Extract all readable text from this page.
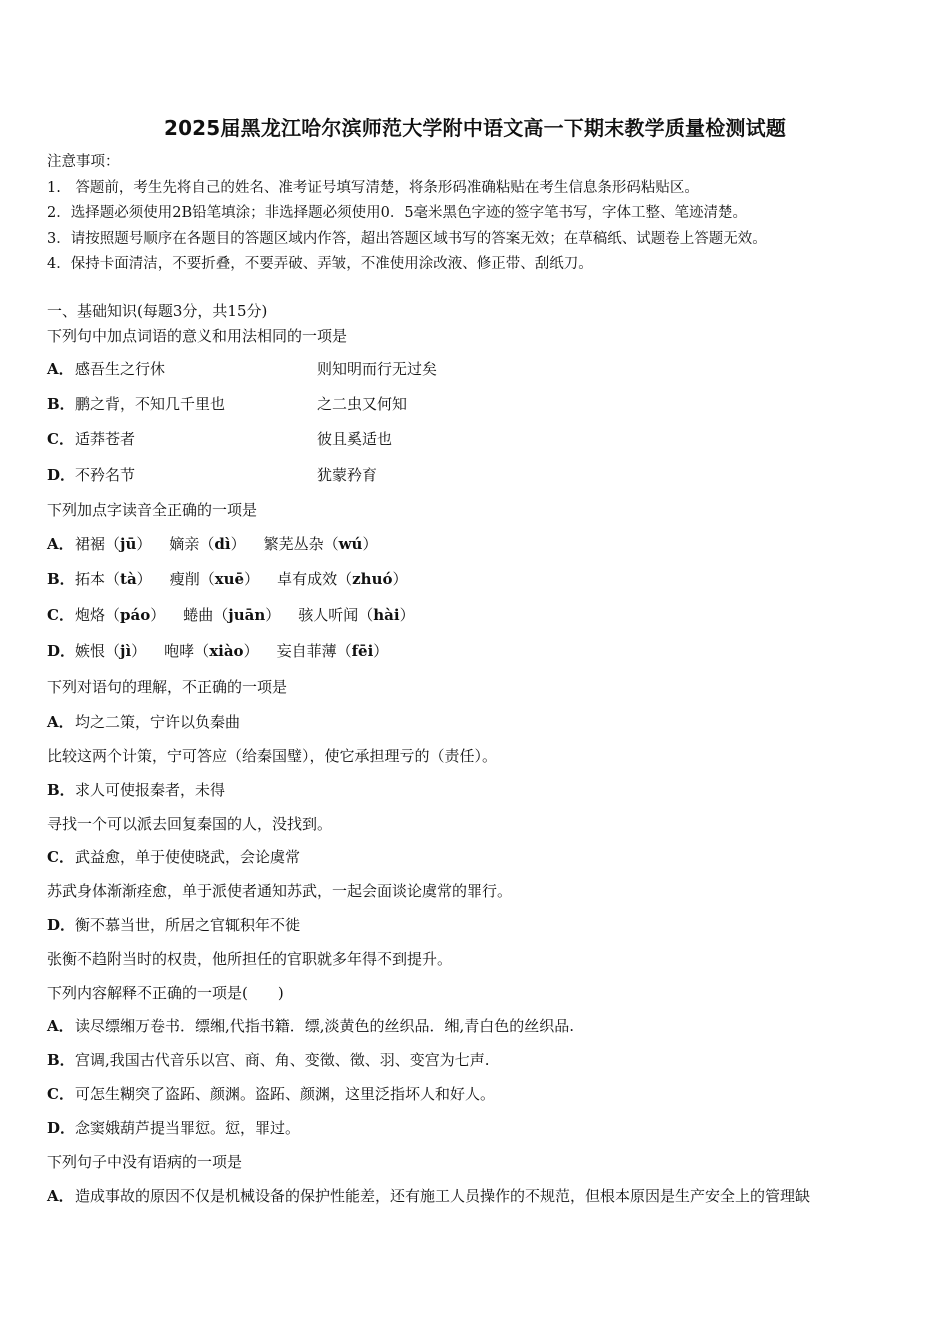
2025届黑龙江哈尔滨师范大学附中语文高一下期末教学质量检测试题
注意事项：
1.　答题前，考生先将自己的姓名、准考证号填写清楚，将条形码准确粘贴在考生信息条形码粘贴区。
2．选择题必须使用2B铅笔填涂；非选择题必须使用0．5毫米黑色字迹的签字笔书写，字体工整、笔迹清楚。
3．请按照题号顺序在各题目的答题区域内作答，超出答题区域书写的答案无效；在草稿纸、试题卷上答题无效。
4．保持卡面清洁，不要折叠，不要弄破、弄皱，不准使用涂改液、修正带、刮纸刀。
一、基础知识(每题3分，共15分)
下列句中加点词语的意义和用法相同的一项是
A．感吾生之行休	则知明而行无过矣
B．鹏之背，不知几千里也	之二虫又何知
C．适莽苍者	彼且奚适也
D．不矜名节	犹蒙矜育
下列加点字读音全正确的一项是
A．裙裾（jū） 嫡亲（dì） 繁芜丛杂（wú）
B．拓本（tà） 瘦削（xuē） 卓有成效（zhuó）
C．炮烙（páo） 蜷曲（juān） 骇人听闻（hài）
D．嫉恨（jì） 咆哮（xiào） 妄自菲薄（fēi）
下列对语句的理解，不正确的一项是
A．均之二策，宁许以负秦曲
比较这两个计策，宁可答应（给秦国璧），使它承担理亏的（责任）。
B．求人可使报秦者，未得
寻找一个可以派去回复秦国的人，没找到。
C．武益愈，单于使使晓武，会论虞常
苏武身体渐渐痊愈，单于派使者通知苏武，一起会面谈论虞常的罪行。
D．衡不慕当世，所居之官辄积年不徙
张衡不趋附当时的权贵，他所担任的官职就多年得不到提升。
下列内容解释不正确的一项是(　　)
A．读尽缥缃万卷书．缥缃,代指书籍．缥,淡黄色的丝织品．缃,青白色的丝织品.
B．宫调,我国古代音乐以宫、商、角、变徵、徵、羽、变宫为七声.
C．可怎生糊突了盗跖、颜渊。盗跖、颜渊，这里泛指坏人和好人。
D．念窦娥葫芦提当罪愆。愆，罪过。
下列句子中没有语病的一项是
A．造成事故的原因不仅是机械设备的保护性能差，还有施工人员操作的不规范，但根本原因是生产安全上的管理缺
